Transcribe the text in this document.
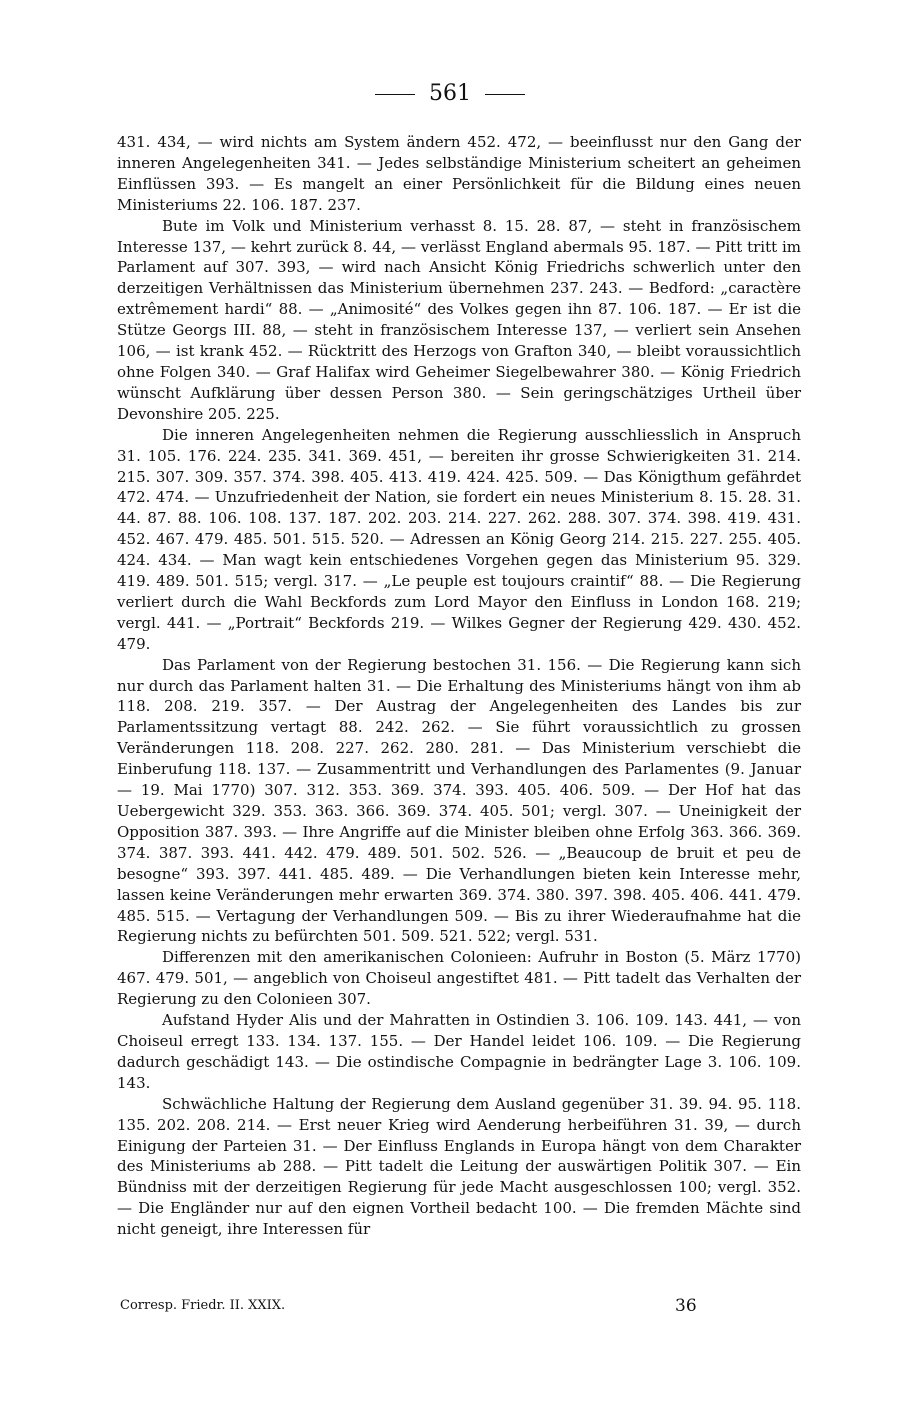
561

431. 434, — wird nichts am System ändern 452. 472, — beeinflusst nur den Gang der inneren Angelegenheiten 341. — Jedes selbständige Ministerium scheitert an geheimen Einflüssen 393. — Es mangelt an einer Persönlichkeit für die Bildung eines neuen Ministeriums 22. 106. 187. 237.

Bute im Volk und Ministerium verhasst 8. 15. 28. 87, — steht in französischem Interesse 137, — kehrt zurück 8. 44, — verlässt England abermals 95. 187. — Pitt tritt im Parlament auf 307. 393, — wird nach Ansicht König Friedrichs schwerlich unter den derzeitigen Verhältnissen das Ministerium übernehmen 237. 243. — Bedford: „caractère extrêmement hardi“ 88. — „Animosité“ des Volkes gegen ihn 87. 106. 187. — Er ist die Stütze Georgs III. 88, — steht in französischem Interesse 137, — verliert sein Ansehen 106, — ist krank 452. — Rücktritt des Herzogs von Grafton 340, — bleibt voraussichtlich ohne Folgen 340. — Graf Halifax wird Geheimer Siegelbewahrer 380. — König Friedrich wünscht Aufklärung über dessen Person 380. — Sein geringschätziges Urtheil über Devonshire 205. 225.

Die inneren Angelegenheiten nehmen die Regierung ausschliesslich in Anspruch 31. 105. 176. 224. 235. 341. 369. 451, — bereiten ihr grosse Schwierigkeiten 31. 214. 215. 307. 309. 357. 374. 398. 405. 413. 419. 424. 425. 509. — Das Königthum gefährdet 472. 474. — Unzufriedenheit der Nation, sie fordert ein neues Ministerium 8. 15. 28. 31. 44. 87. 88. 106. 108. 137. 187. 202. 203. 214. 227. 262. 288. 307. 374. 398. 419. 431. 452. 467. 479. 485. 501. 515. 520. — Adressen an König Georg 214. 215. 227. 255. 405. 424. 434. — Man wagt kein entschiedenes Vorgehen gegen das Ministerium 95. 329. 419. 489. 501. 515; vergl. 317. — „Le peuple est toujours craintif“ 88. — Die Regierung verliert durch die Wahl Beckfords zum Lord Mayor den Einfluss in London 168. 219; vergl. 441. — „Portrait“ Beckfords 219. — Wilkes Gegner der Regierung 429. 430. 452. 479.

Das Parlament von der Regierung bestochen 31. 156. — Die Regierung kann sich nur durch das Parlament halten 31. — Die Erhaltung des Ministeriums hängt von ihm ab 118. 208. 219. 357. — Der Austrag der Angelegenheiten des Landes bis zur Parlamentssitzung vertagt 88. 242. 262. — Sie führt voraussichtlich zu grossen Veränderungen 118. 208. 227. 262. 280. 281. — Das Ministerium verschiebt die Einberufung 118. 137. — Zusammentritt und Verhandlungen des Parlamentes (9. Januar — 19. Mai 1770) 307. 312. 353. 369. 374. 393. 405. 406. 509. — Der Hof hat das Uebergewicht 329. 353. 363. 366. 369. 374. 405. 501; vergl. 307. — Uneinigkeit der Opposition 387. 393. — Ihre Angriffe auf die Minister bleiben ohne Erfolg 363. 366. 369. 374. 387. 393. 441. 442. 479. 489. 501. 502. 526. — „Beaucoup de bruit et peu de besogne“ 393. 397. 441. 485. 489. — Die Verhandlungen bieten kein Interesse mehr, lassen keine Veränderungen mehr erwarten 369. 374. 380. 397. 398. 405. 406. 441. 479. 485. 515. — Vertagung der Verhandlungen 509. — Bis zu ihrer Wiederaufnahme hat die Regierung nichts zu befürchten 501. 509. 521. 522; vergl. 531.

Differenzen mit den amerikanischen Colonieen: Aufruhr in Boston (5. März 1770) 467. 479. 501, — angeblich von Choiseul angestiftet 481. — Pitt tadelt das Verhalten der Regierung zu den Colonieen 307.

Aufstand Hyder Alis und der Mahratten in Ostindien 3. 106. 109. 143. 441, — von Choiseul erregt 133. 134. 137. 155. — Der Handel leidet 106. 109. — Die Regierung dadurch geschädigt 143. — Die ostindische Compagnie in bedrängter Lage 3. 106. 109. 143.

Schwächliche Haltung der Regierung dem Ausland gegenüber 31. 39. 94. 95. 118. 135. 202. 208. 214. — Erst neuer Krieg wird Aenderung herbeiführen 31. 39, — durch Einigung der Parteien 31. — Der Einfluss Englands in Europa hängt von dem Charakter des Ministeriums ab 288. — Pitt tadelt die Leitung der auswärtigen Politik 307. — Ein Bündniss mit der derzeitigen Regierung für jede Macht ausgeschlossen 100; vergl. 352. — Die Engländer nur auf den eignen Vortheil bedacht 100. — Die fremden Mächte sind nicht geneigt, ihre Interessen für

Corresp. Friedr. II. XXIX.	36
